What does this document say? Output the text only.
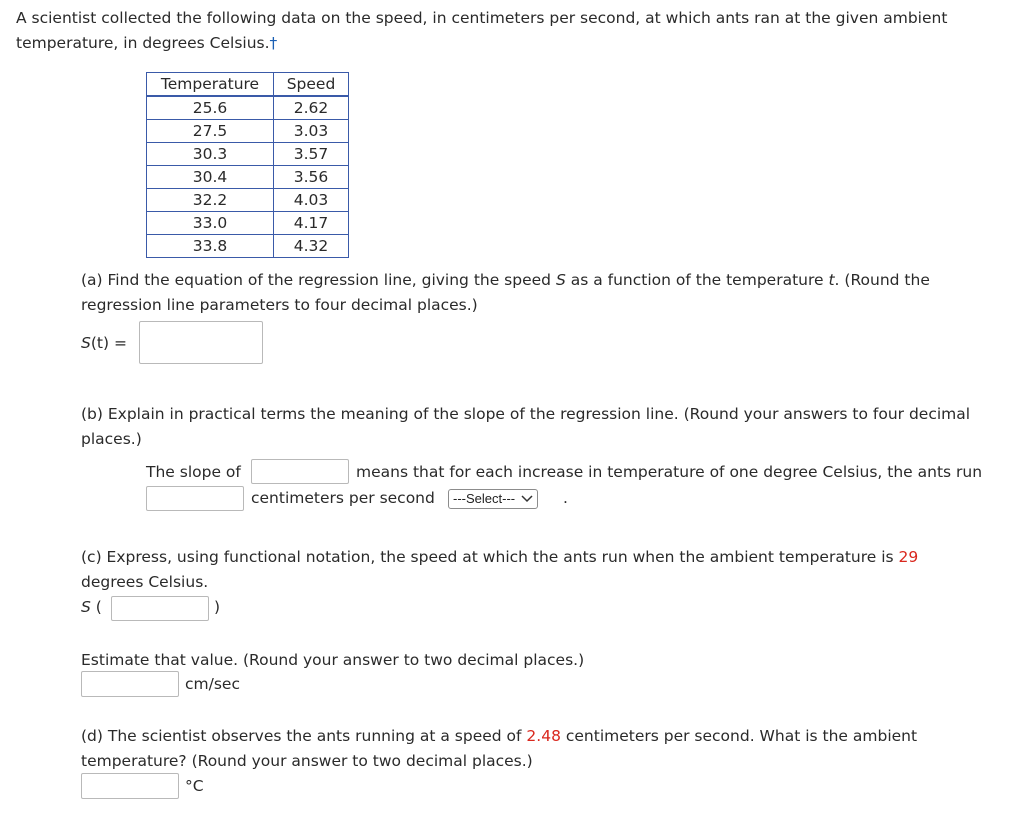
A scientist collected the following data on the speed, in centimeters per second, at which ants ran at the given ambient
temperature, in degrees Celsius.†
Temperature	Speed
25.6	2.62
27.5	3.03
30.3	3.57
30.4	3.56
32.2	4.03
33.0	4.17
33.8	4.32
(a) Find the equation of the regression line, giving the speed S as a function of the temperature t. (Round the
regression line parameters to four decimal places.)
S(t) =
(b) Explain in practical terms the meaning of the slope of the regression line. (Round your answers to four decimal
places.)
The slope of	means that for each increase in temperature of one degree Celsius, the ants run
centimeters per second	---Select---	.
(c) Express, using functional notation, the speed at which the ants run when the ambient temperature is 29
degrees Celsius.
S (	)
Estimate that value. (Round your answer to two decimal places.)
cm/sec
(d) The scientist observes the ants running at a speed of 2.48 centimeters per second. What is the ambient
temperature? (Round your answer to two decimal places.)
°C
